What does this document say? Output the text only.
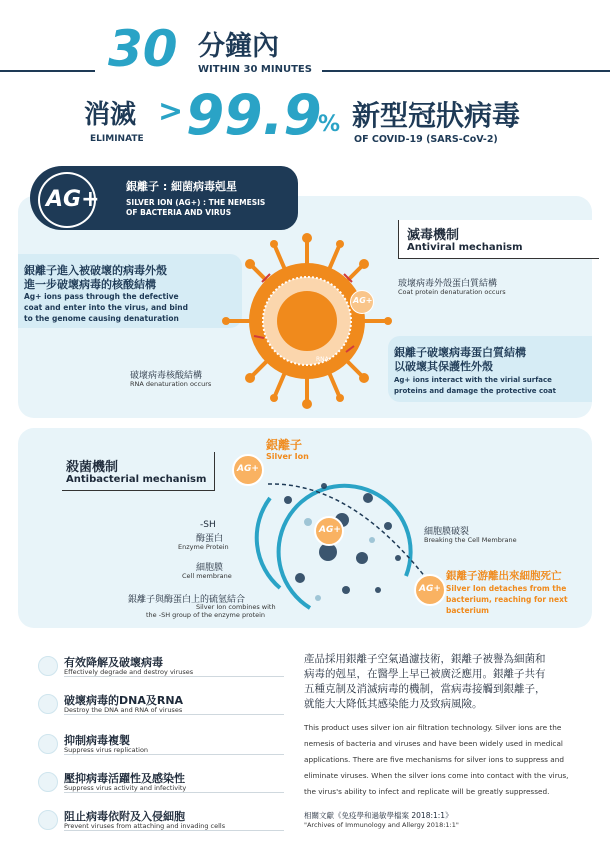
30 分鐘內
WITHIN 30 MINUTES
消滅
ELIMINATE
> 99.9
% 新型冠狀病毒
OF COVID-19 (SARS-CoV-2)
AG+
銀離子 : 細菌病毒剋星
SILVER ION (AG+) : THE NEMESIS
OF BACTERIA AND VIRUS
滅毒機制
Antiviral mechanism
銀離子進入被破壞的病毒外殼
進一步破壞病毒的核酸結構
Ag+ ions pass through the defective
coat and enter into the virus, and bind
to the genome causing denaturation
AG+
RNA
玻壞病毒外殼蛋白質結構
Coat protein denaturation occurs
破壞病毒核酸結構
RNA denaturation occurs
銀離子破壞病毒蛋白質結構
以破壞其保護性外殼
Ag+ ions interact with the virial surface
proteins and damage the protective coat
殺菌機制
Antibacterial mechanism
AG+
銀離子
Silver Ion
AG+
-SH
酶蛋白
Enzyme Protein
細胞膜
Cell membrane
銀離子與酶蛋白上的硫氫結合
Silver Ion combines with
the -SH group of the enzyme protein
細胞膜破裂
Breaking the Cell Membrane
AG+
銀離子游離出來細胞死亡
Silver Ion detaches from the
bacterium, reaching for next
bacterium
有效降解及破壞病毒
Effectively degrade and destroy viruses
破壞病毒的DNA及RNA
Destroy the DNA and RNA of viruses
抑制病毒複製
Suppress virus replication
壓抑病毒活躍性及感染性
Suppress virus activity and infectivity
阻止病毒依附及入侵細胞
Prevent viruses from attaching and invading cells
產品採用銀離子空氣過濾技術，銀離子被譽為細菌和
病毒的剋星，在醫學上早已被廣泛應用。銀離子共有
五種克制及消滅病毒的機制，當病毒接觸到銀離子，
就能大大降低其感染能力及致病風險。
This product uses silver ion air filtration technology. Silver ions are the
nemesis of bacteria and viruses and have been widely used in medical
applications. There are five mechanisms for silver ions to suppress and
eliminate viruses. When the silver ions come into contact with the virus,
the virus's ability to infect and replicate will be greatly suppressed.
相關文獻《免疫學和過敏學檔案 2018:1:1》
"Archives of Immunology and Allergy 2018:1:1"
